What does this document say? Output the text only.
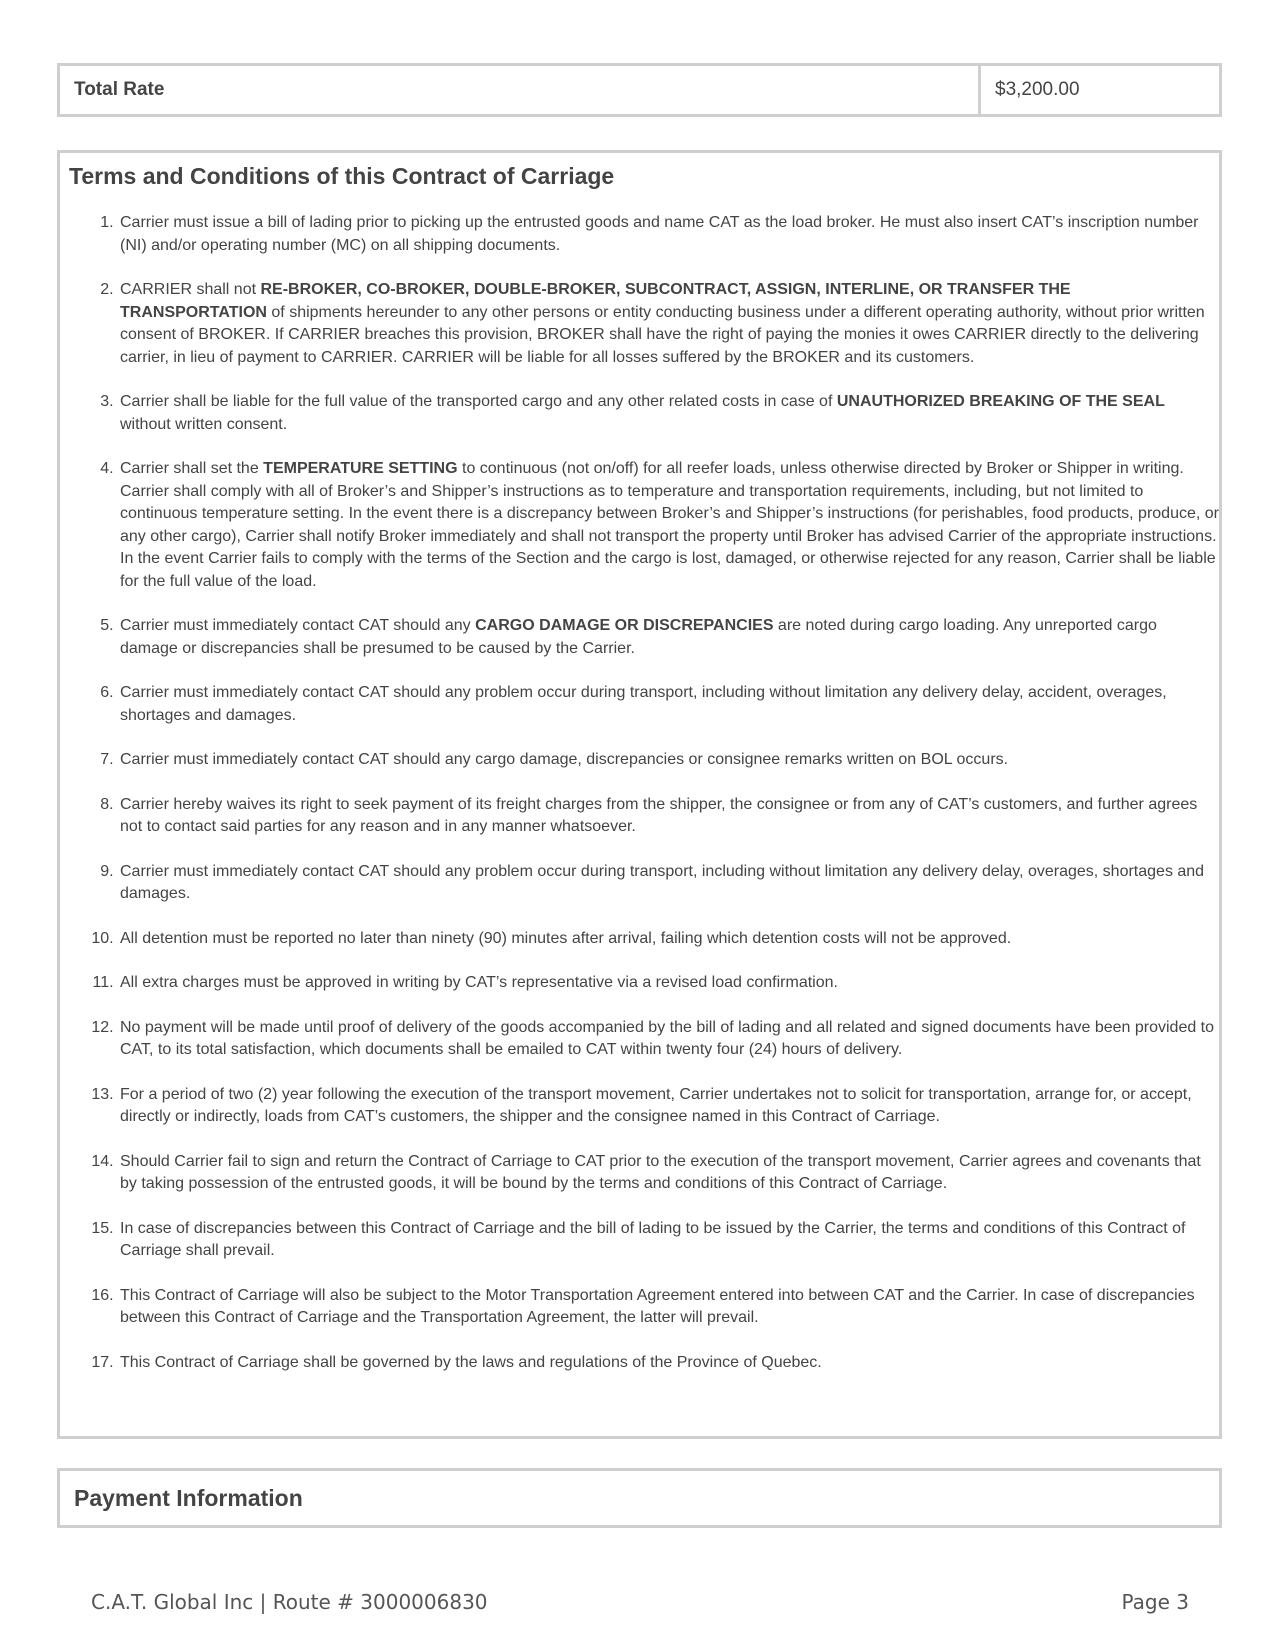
Total Rate	$3,200.00
Terms and Conditions of this Contract of Carriage
1. Carrier must issue a bill of lading prior to picking up the entrusted goods and name CAT as the load broker. He must also insert CAT’s inscription number (NI) and/or operating number (MC) on all shipping documents.
2. CARRIER shall not RE-BROKER, CO-BROKER, DOUBLE-BROKER, SUBCONTRACT, ASSIGN, INTERLINE, OR TRANSFER THE TRANSPORTATION of shipments hereunder to any other persons or entity conducting business under a different operating authority, without prior written consent of BROKER. If CARRIER breaches this provision, BROKER shall have the right of paying the monies it owes CARRIER directly to the delivering carrier, in lieu of payment to CARRIER. CARRIER will be liable for all losses suffered by the BROKER and its customers.
3. Carrier shall be liable for the full value of the transported cargo and any other related costs in case of UNAUTHORIZED BREAKING OF THE SEAL without written consent.
4. Carrier shall set the TEMPERATURE SETTING to continuous (not on/off) for all reefer loads, unless otherwise directed by Broker or Shipper in writing. Carrier shall comply with all of Broker’s and Shipper’s instructions as to temperature and transportation requirements, including, but not limited to continuous temperature setting. In the event there is a discrepancy between Broker’s and Shipper’s instructions (for perishables, food products, produce, or any other cargo), Carrier shall notify Broker immediately and shall not transport the property until Broker has advised Carrier of the appropriate instructions. In the event Carrier fails to comply with the terms of the Section and the cargo is lost, damaged, or otherwise rejected for any reason, Carrier shall be liable for the full value of the load.
5. Carrier must immediately contact CAT should any CARGO DAMAGE OR DISCREPANCIES are noted during cargo loading. Any unreported cargo damage or discrepancies shall be presumed to be caused by the Carrier.
6. Carrier must immediately contact CAT should any problem occur during transport, including without limitation any delivery delay, accident, overages, shortages and damages.
7. Carrier must immediately contact CAT should any cargo damage, discrepancies or consignee remarks written on BOL occurs.
8. Carrier hereby waives its right to seek payment of its freight charges from the shipper, the consignee or from any of CAT’s customers, and further agrees not to contact said parties for any reason and in any manner whatsoever.
9. Carrier must immediately contact CAT should any problem occur during transport, including without limitation any delivery delay, overages, shortages and damages.
10. All detention must be reported no later than ninety (90) minutes after arrival, failing which detention costs will not be approved.
11. All extra charges must be approved in writing by CAT’s representative via a revised load confirmation.
12. No payment will be made until proof of delivery of the goods accompanied by the bill of lading and all related and signed documents have been provided to CAT, to its total satisfaction, which documents shall be emailed to CAT within twenty four (24) hours of delivery.
13. For a period of two (2) year following the execution of the transport movement, Carrier undertakes not to solicit for transportation, arrange for, or accept, directly or indirectly, loads from CAT’s customers, the shipper and the consignee named in this Contract of Carriage.
14. Should Carrier fail to sign and return the Contract of Carriage to CAT prior to the execution of the transport movement, Carrier agrees and covenants that by taking possession of the entrusted goods, it will be bound by the terms and conditions of this Contract of Carriage.
15. In case of discrepancies between this Contract of Carriage and the bill of lading to be issued by the Carrier, the terms and conditions of this Contract of Carriage shall prevail.
16. This Contract of Carriage will also be subject to the Motor Transportation Agreement entered into between CAT and the Carrier. In case of discrepancies between this Contract of Carriage and the Transportation Agreement, the latter will prevail.
17. This Contract of Carriage shall be governed by the laws and regulations of the Province of Quebec.
Payment Information
C.A.T. Global Inc | Route # 3000006830	Page 3
